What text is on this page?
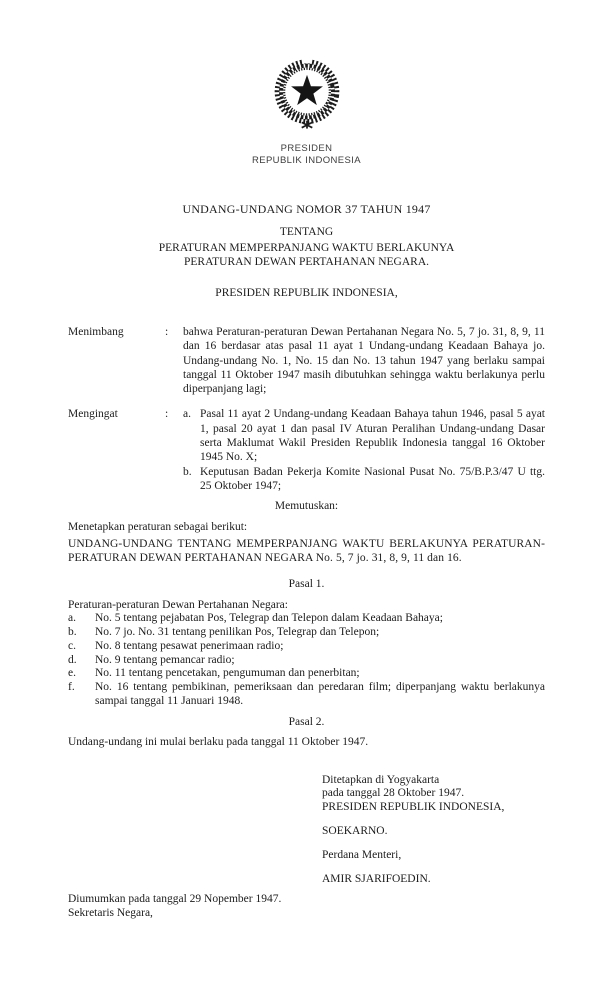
PRESIDEN
REPUBLIK INDONESIA
UNDANG-UNDANG NOMOR 37 TAHUN 1947
TENTANG
PERATURAN MEMPERPANJANG WAKTU BERLAKUNYA
PERATURAN DEWAN PERTAHANAN NEGARA.
PRESIDEN REPUBLIK INDONESIA,
Menimbang	:	bahwa Peraturan-peraturan Dewan Pertahanan Negara No. 5, 7 jo. 31, 8, 9, 11 dan 16 berdasar atas pasal 11 ayat 1 Undang-undang Keadaan Bahaya jo. Undang-undang No. 1, No. 15 dan No. 13 tahun 1947 yang berlaku sampai tanggal 11 Oktober 1947 masih dibutuhkan sehingga waktu berlakunya perlu diperpanjang lagi;
Mengingat	:	a. Pasal 11 ayat 2 Undang-undang Keadaan Bahaya tahun 1946, pasal 5 ayat 1, pasal 20 ayat 1 dan pasal IV Aturan Peralihan Undang-undang Dasar serta Maklumat Wakil Presiden Republik Indonesia tanggal 16 Oktober 1945 No. X;
b. Keputusan Badan Pekerja Komite Nasional Pusat No. 75/B.P.3/47 U ttg. 25 Oktober 1947;
Memutuskan:
Menetapkan peraturan sebagai berikut:
UNDANG-UNDANG TENTANG MEMPERPANJANG WAKTU BERLAKUNYA PERATURAN-PERATURAN DEWAN PERTAHANAN NEGARA No. 5, 7 jo. 31, 8, 9, 11 dan 16.
Pasal 1.
Peraturan-peraturan Dewan Pertahanan Negara:
a.	No. 5 tentang pejabatan Pos, Telegrap dan Telepon dalam Keadaan Bahaya;
b.	No. 7 jo. No. 31 tentang penilikan Pos, Telegrap dan Telepon;
c.	No. 8 tentang pesawat penerimaan radio;
d.	No. 9 tentang pemancar radio;
e.	No. 11 tentang pencetakan, pengumuman dan penerbitan;
f.	No. 16 tentang pembikinan, pemeriksaan dan peredaran film; diperpanjang waktu berlakunya sampai tanggal 11 Januari 1948.
Pasal 2.
Undang-undang ini mulai berlaku pada tanggal 11 Oktober 1947.
Ditetapkan di Yogyakarta
pada tanggal 28 Oktober 1947.
PRESIDEN REPUBLIK INDONESIA,
SOEKARNO.
Perdana Menteri,
AMIR SJARIFOEDIN.
Diumumkan pada tanggal 29 Nopember 1947.
Sekretaris Negara,
